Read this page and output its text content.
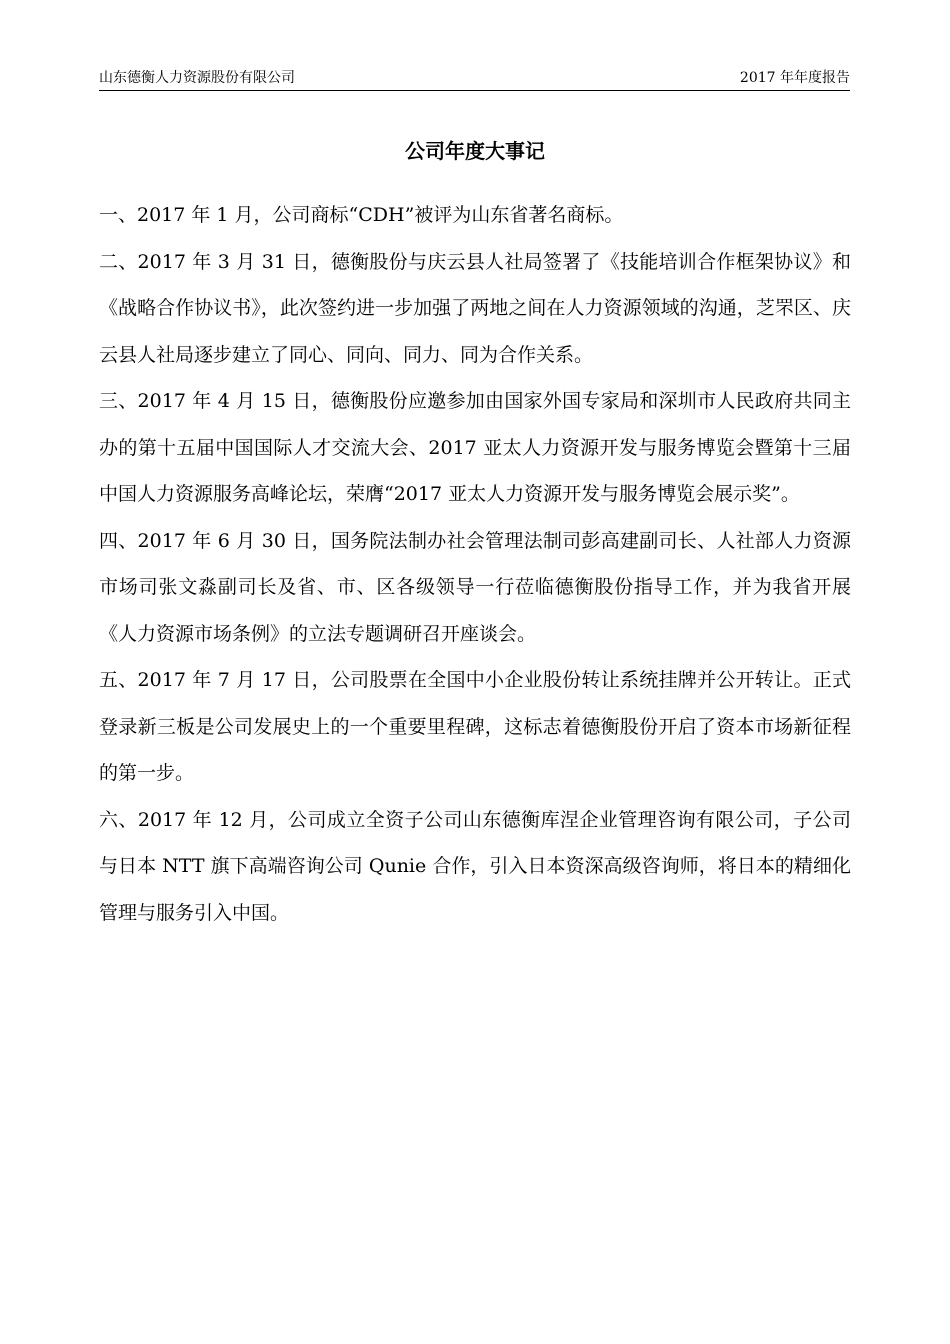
山东德衡人力资源股份有限公司	2017 年年度报告
公司年度大事记

一、2017 年 1 月，公司商标“CDH”被评为山东省著名商标。

二、2017 年 3 月 31 日，德衡股份与庆云县人社局签署了《技能培训合作框架协议》和《战略合作协议书》，此次签约进一步加强了两地之间在人力资源领域的沟通，芝罘区、庆云县人社局逐步建立了同心、同向、同力、同为合作关系。

三、2017 年 4 月 15 日，德衡股份应邀参加由国家外国专家局和深圳市人民政府共同主办的第十五届中国国际人才交流大会、2017 亚太人力资源开发与服务博览会暨第十三届中国人力资源服务高峰论坛，荣膺“2017 亚太人力资源开发与服务博览会展示奖”。

四、2017 年 6 月 30 日，国务院法制办社会管理法制司彭高建副司长、人社部人力资源市场司张文淼副司长及省、市、区各级领导一行莅临德衡股份指导工作，并为我省开展《人力资源市场条例》的立法专题调研召开座谈会。

五、2017 年 7 月 17 日，公司股票在全国中小企业股份转让系统挂牌并公开转让。正式登录新三板是公司发展史上的一个重要里程碑，这标志着德衡股份开启了资本市场新征程的第一步。

六、2017 年 12 月，公司成立全资子公司山东德衡库涅企业管理咨询有限公司，子公司与日本 NTT 旗下高端咨询公司 Qunie 合作，引入日本资深高级咨询师，将日本的精细化管理与服务引入中国。
